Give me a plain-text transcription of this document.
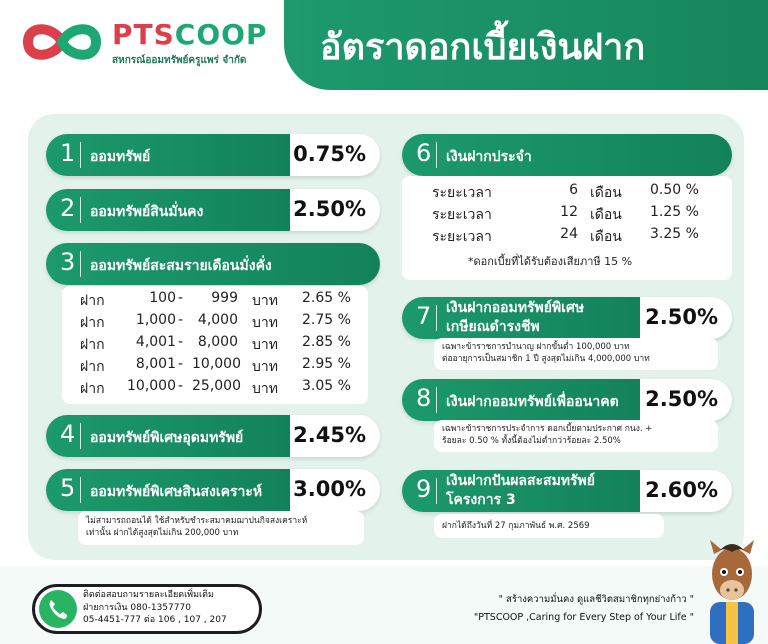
PTSCOOP
สหกรณ์ออมทรัพย์ครูแพร่ จำกัด อัตราดอกเบี้ยเงินฝาก
1 ออมทรัพย์	0.75%
2 ออมทรัพย์สินมั่นคง	2.50%
3 ออมทรัพย์สะสมรายเดือนมั่งคั่ง
ฝาก	100 -	999 บาท 2.65 %
ฝาก	1,000 -	4,000 บาท 2.75 %
ฝาก	4,001 -	8,000 บาท 2.85 %
ฝาก	8,001 - 10,000 บาท 2.95 %
ฝาก	10,000 - 25,000 บาท 3.05 %
4 ออมทรัพย์พิเศษอุดมทรัพย์ 2.45%
5 ออมทรัพย์พิเศษสินสงเคราะห์ 3.00%
ไม่สามารถถอนได้ ใช้สำหรับชำระสมาคมฌาปนกิจสงเคราะห์
เท่านั้น ฝากได้สูงสุดไม่เกิน 200,000 บาท
6 เงินฝากประจำ
ระยะเวลา	6 เดือน 0.50 %
ระยะเวลา	12 เดือน 1.25 %
ระยะเวลา	24 เดือน 3.25 %
*ดอกเบี้ยที่ได้รับต้องเสียภาษี 15 %
7 เงินฝากออมทรัพย์พิเศษ
เกษียณดำรงชีพ	2.50%
เฉพาะข้าราชการบำนาญ ฝากขั้นต่ำ 100,000 บาท
ต่ออายุการเป็นสมาชิก 1 ปี สูงสุดไม่เกิน 4,000,000 บาท
8 เงินฝากออมทรัพย์เพื่ออนาคต 2.50%
เฉพาะข้าราชการประจำการ ดอกเบี้ยตามประกาศ กนง. +
ร้อยละ 0.50 % ทั้งนี้ต้องไม่ต่ำกว่าร้อยละ 2.50%
9 เงินฝากปันผลสะสมทรัพย์
โครงการ 3	2.60%
ฝากได้ถึงวันที่ 27 กุมภาพันธ์ พ.ศ. 2569
ติดต่อสอบถามรายละเอียดเพิ่มเติม
ฝ่ายการเงิน 080-1357770
05-4451-777 ต่อ 106 , 107 , 207
" สร้างความมั่นคง ดูแลชีวิตสมาชิกทุกย่างก้าว "
"PTSCOOP ,Caring for Every Step of Your Life "
